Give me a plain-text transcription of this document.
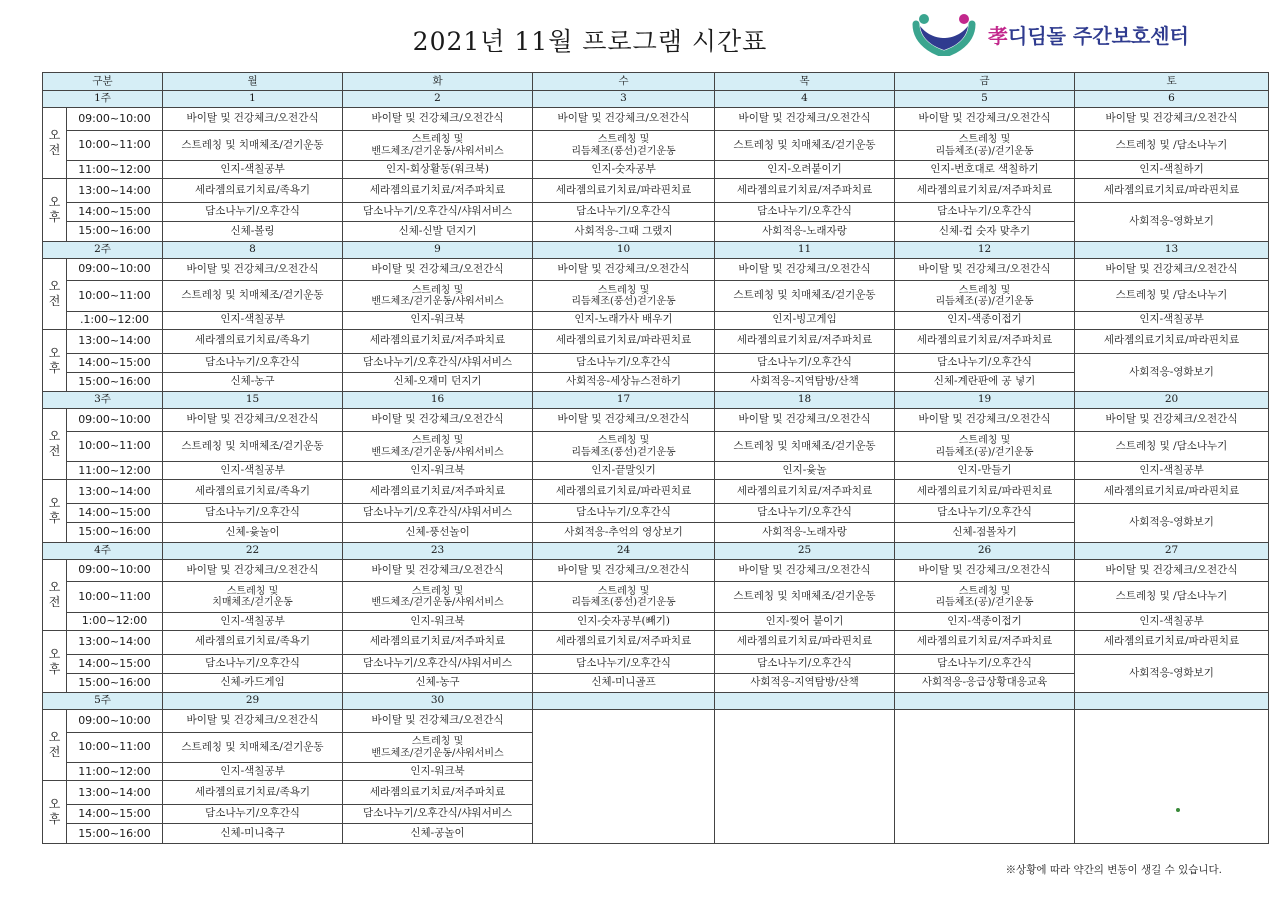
2021년 11월 프로그램 시간표	孝디딤돌 주간보호센터
구분		월	화	수	목	금	토
1주		1	2	3	4	5	6
오
전	09:00~10:00	바이탈 및 건강체크/오전간식	바이탈 및 건강체크/오전간식	바이탈 및 건강체크/오전간식	바이탈 및 건강체크/오전간식	바이탈 및 건강체크/오전간식	바이탈 및 건강체크/오전간식
	10:00~11:00	스트레칭 및 치매체조/걷기운동	스트레칭 및
밴드체조/걷기운동/샤워서비스	스트레칭 및
리듬체조(풍선)걷기운동	스트레칭 및 치매체조/걷기운동	스트레칭 및
리듬체조(공)/걷기운동	스트레칭 및 /담소나누기
	11:00~12:00	인지-색칠공부	인지-회상활동(워크북)	인지-숫자공부	인지-오려붙이기	인지-번호대로 색칠하기	인지-색칠하기
오
후	13:00~14:00	세라젬의료기치료/족욕기	세라젬의료기치료/저주파치료	세라젬의료기치료/파라핀치료	세라젬의료기치료/저주파치료	세라젬의료기치료/저주파치료	세라젬의료기치료/파라핀치료
	14:00~15:00	담소나누기/오후간식	담소나누기/오후간식/샤워서비스	담소나누기/오후간식	담소나누기/오후간식	담소나누기/오후간식	사회적응-영화보기
	15:00~16:00	신체-볼링	신체-신발 던지기	사회적응-그때 그랬지	사회적응-노래자랑	신체-컵 숫자 맞추기	
2주		8	9	10	11	12	13
오
전	09:00~10:00	바이탈 및 건강체크/오전간식	바이탈 및 건강체크/오전간식	바이탈 및 건강체크/오전간식	바이탈 및 건강체크/오전간식	바이탈 및 건강체크/오전간식	바이탈 및 건강체크/오전간식
	10:00~11:00	스트레칭 및 치매체조/걷기운동	스트레칭 및
밴드체조/걷기운동/샤워서비스	스트레칭 및
리듬체조(풍선)걷기운동	스트레칭 및 치매체조/걷기운동	스트레칭 및
리듬체조(공)/걷기운동	스트레칭 및 /담소나누기
	.1:00~12:00	인지-색칠공부	인지-워크북	인지-노래가사 배우기	인지-빙고게임	인지-색종이접기	인지-색칠공부
오
후	13:00~14:00	세라젬의료기치료/족욕기	세라젬의료기치료/저주파치료	세라젬의료기치료/파라핀치료	세라젬의료기치료/저주파치료	세라젬의료기치료/저주파치료	세라젬의료기치료/파라핀치료
	14:00~15:00	담소나누기/오후간식	담소나누기/오후간식/샤워서비스	담소나누기/오후간식	담소나누기/오후간식	담소나누기/오후간식	사회적응-영화보기
	15:00~16:00	신체-농구	신체-오재미 던지기	사회적응-세상뉴스전하기	사회적응-지역탐방/산책	신체-계란판에 공 넣기	
3주		15	16	17	18	19	20
오
전	09:00~10:00	바이탈 및 건강체크/오전간식	바이탈 및 건강체크/오전간식	바이탈 및 건강체크/오전간식	바이탈 및 건강체크/오전간식	바이탈 및 건강체크/오전간식	바이탈 및 건강체크/오전간식
	10:00~11:00	스트레칭 및 치매체조/걷기운동	스트레칭 및
밴드체조/걷기운동/샤워서비스	스트레칭 및
리듬체조(풍선)걷기운동	스트레칭 및 치매체조/걷기운동	스트레칭 및
리듬체조(공)/걷기운동	스트레칭 및 /담소나누기
	11:00~12:00	인지-색칠공부	인지-워크북	인지-끝말잇기	인지-윷놀	인지-만들기	인지-색칠공부
오
후	13:00~14:00	세라젬의료기치료/족욕기	세라젬의료기치료/저주파치료	세라젬의료기치료/파라핀치료	세라젬의료기치료/저주파치료	세라젬의료기치료/파라핀치료	세라젬의료기치료/파라핀치료
	14:00~15:00	담소나누기/오후간식	담소나누기/오후간식/샤워서비스	담소나누기/오후간식	담소나누기/오후간식	담소나누기/오후간식	사회적응-영화보기
	15:00~16:00	신체-윷놀이	신체-풍선놀이	사회적응-추억의 영상보기	사회적응-노래자랑	신체-점볼차기	
4주		22	23	24	25	26	27
오
전	09:00~10:00	바이탈 및 건강체크/오전간식	바이탈 및 건강체크/오전간식	바이탈 및 건강체크/오전간식	바이탈 및 건강체크/오전간식	바이탈 및 건강체크/오전간식	바이탈 및 건강체크/오전간식
	10:00~11:00	스트레칭 및
치매체조/걷기운동	스트레칭 및
밴드체조/걷기운동/샤워서비스	스트레칭 및
리듬체조(풍선)걷기운동	스트레칭 및 치매체조/걷기운동	스트레칭 및
리듬체조(공)/걷기운동	스트레칭 및 /담소나누기
	1:00~12:00	인지-색칠공부	인지-워크북	인지-숫자공부(빼기)	인지-찢어 붙이기	인지-색종이접기	인지-색칠공부
오
후	13:00~14:00	세라젬의료기치료/족욕기	세라젬의료기치료/저주파치료	세라젬의료기치료/저주파치료	세라젬의료기치료/파라핀치료	세라젬의료기치료/저주파치료	세라젬의료기치료/파라핀치료
	14:00~15:00	담소나누기/오후간식	담소나누기/오후간식/샤워서비스	담소나누기/오후간식	담소나누기/오후간식	담소나누기/오후간식	사회적응-영화보기
	15:00~16:00	신체-카드게임	신체-농구	신체-미니골프	사회적응-지역탐방/산책	사회적응-응급상황대응교육	
5주		29	30				
오
전	09:00~10:00	바이탈 및 건강체크/오전간식	바이탈 및 건강체크/오전간식				
	10:00~11:00	스트레칭 및 치매체조/걷기운동	스트레칭 및
밴드체조/걷기운동/샤워서비스				
	11:00~12:00	인지-색칠공부	인지-워크북				
오
후	13:00~14:00	세라젬의료기치료/족욕기	세라젬의료기치료/저주파치료				
	14:00~15:00	담소나누기/오후간식	담소나누기/오후간식/샤워서비스				
	15:00~16:00	신체-미니축구	신체-공놀이				
※상황에 따라 약간의 변동이 생길 수 있습니다.
